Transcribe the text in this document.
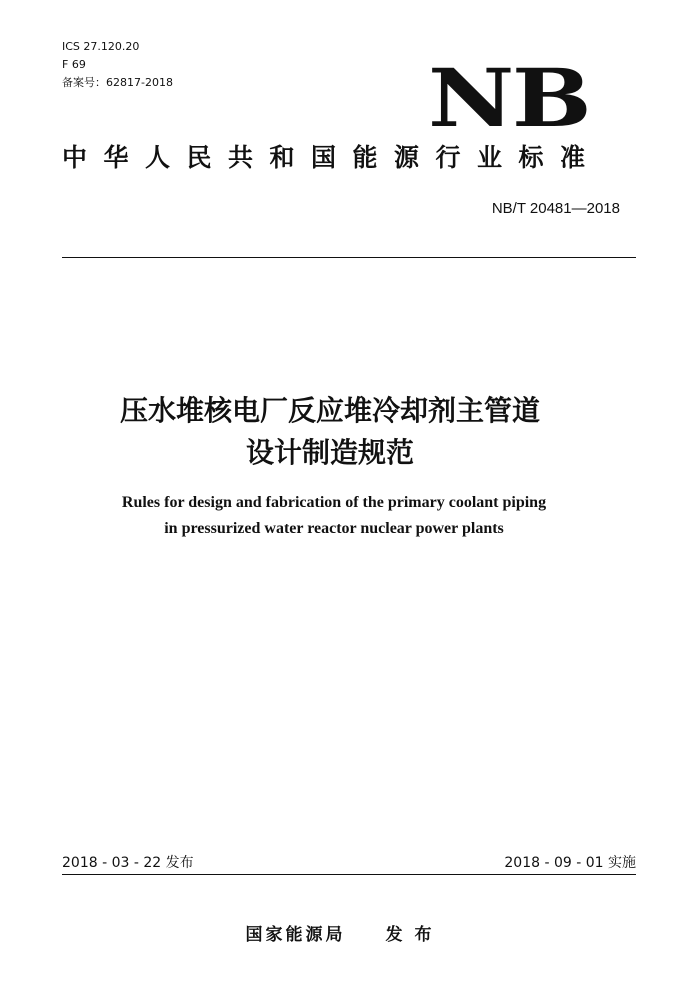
ICS 27.120.20
F 69
备案号：62817-2018	NB
中华人民共和国能源行业标准
NB/T 20481—2018
压水堆核电厂反应堆冷却剂主管道
设计制造规范
Rules for design and fabrication of the primary coolant piping
in pressurized water reactor nuclear power plants
2018 - 03 - 22 发布	2018 - 09 - 01 实施
国家能源局 发 布
